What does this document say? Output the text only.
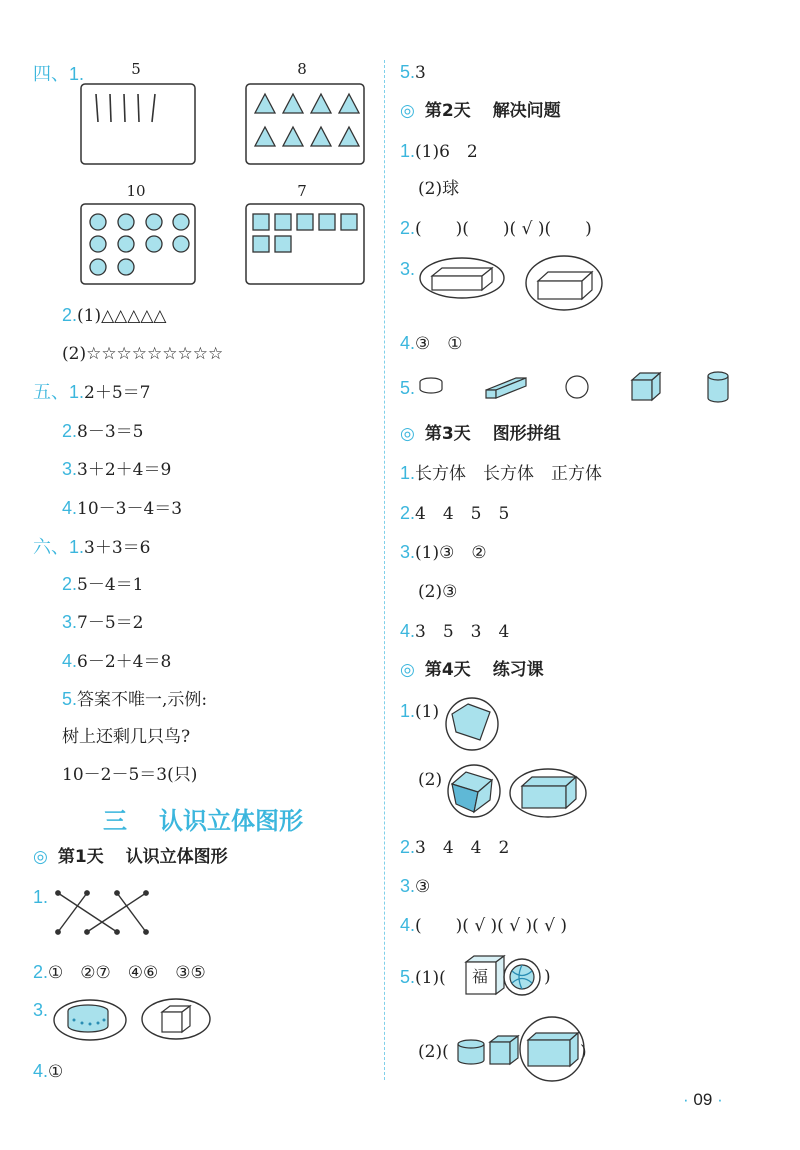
四、1.	5	8
10	7
2.(1)△△△△△
(2)☆☆☆☆☆☆☆☆☆
五、1.2＋5＝7
2.8－3＝5
3.3＋2＋4＝9
4.10－3－4＝3
六、1.3＋3＝6
2.5－4＝1
3.7－5＝2
4.6－2＋4＝8
5.答案不唯一,示例:
树上还剩几只鸟?
10－2－5＝3(只)
三 认识立体图形
◎ 第1天 认识立体图形
1.
2.①　②⑦　④⑥　③⑤
3.
4.①
5.3
◎ 第2天 解决问题
1.(1)6　2
(2)球
2.(　　)(　　)( √ )(　　)
3.
4.③　①
5.
◎ 第3天 图形拼组
1.长方体　长方体　正方体
2.4　4　5　5
3.(1)③　②
(2)③
4.3　5　3　4
◎ 第4天 练习课
1.(1)
(2)
2.3　4　4　2
3.③
4.(　　)( √ )( √ )( √ )
5.(1)(	)
福
(2)(	)
· 09 ·
